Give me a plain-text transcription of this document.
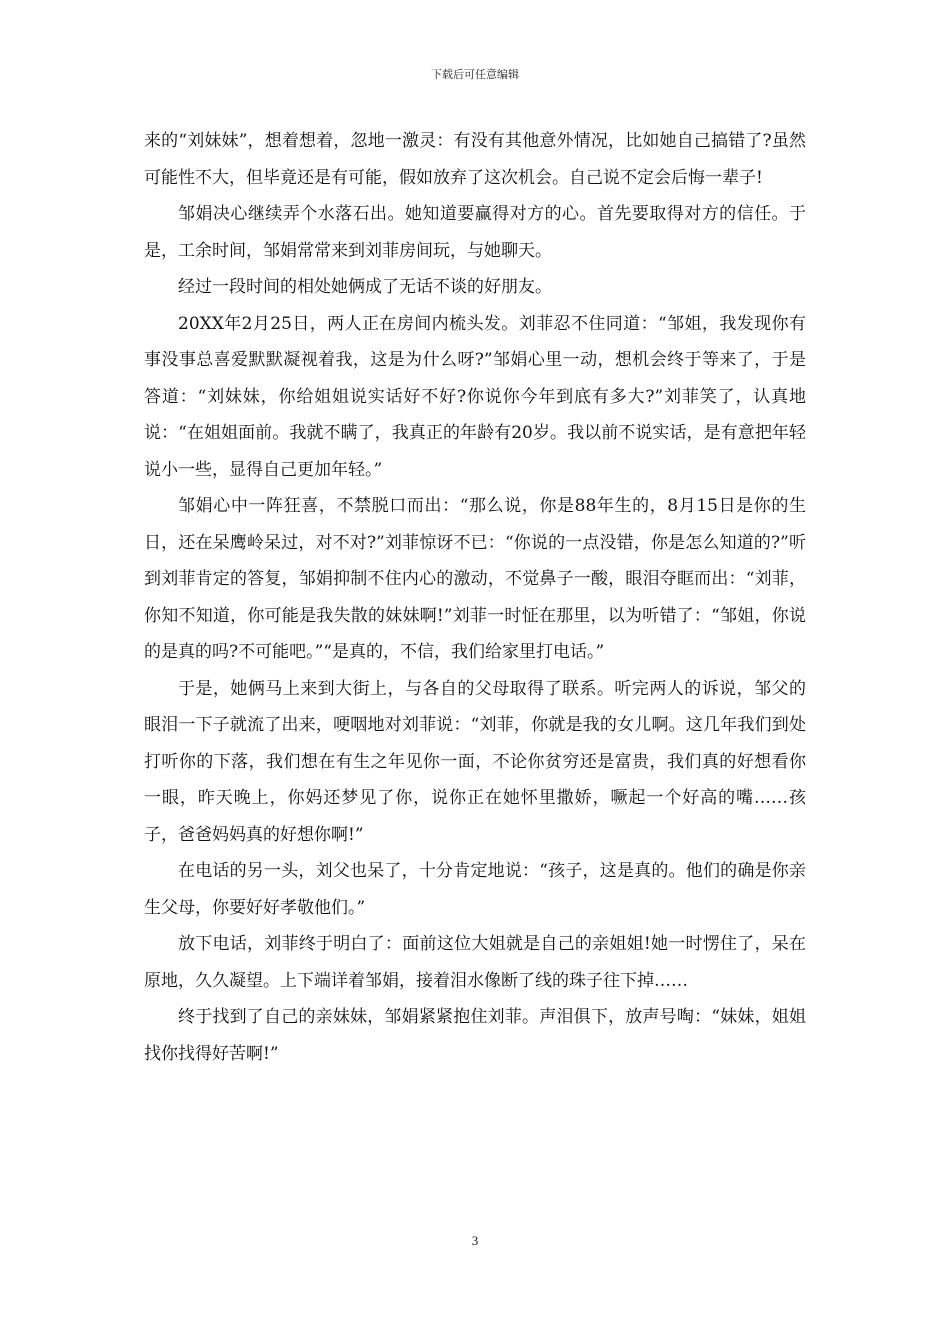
下载后可任意编辑

来的“刘妹妹”，想着想着，忽地一激灵：有没有其他意外情况，比如她自己搞错了?虽然可能性不大，但毕竟还是有可能，假如放弃了这次机会。自己说不定会后悔一辈子!

邹娟决心继续弄个水落石出。她知道要赢得对方的心。首先要取得对方的信任。于是，工余时间，邹娟常常来到刘菲房间玩，与她聊天。

经过一段时间的相处她俩成了无话不谈的好朋友。

20XX年2月25日，两人正在房间内梳头发。刘菲忍不住同道：“邹姐，我发现你有事没事总喜爱默默凝视着我，这是为什么呀?”邹娟心里一动，想机会终于等来了，于是答道：“刘妹妹，你给姐姐说实话好不好?你说你今年到底有多大?”刘菲笑了，认真地说：“在姐姐面前。我就不瞒了，我真正的年龄有20岁。我以前不说实话，是有意把年轻说小一些，显得自己更加年轻。”

邹娟心中一阵狂喜，不禁脱口而出：“那么说，你是88年生的，8月15日是你的生日，还在呆鹰岭呆过，对不对?”刘菲惊讶不已：“你说的一点没错，你是怎么知道的?”听到刘菲肯定的答复，邹娟抑制不住内心的激动，不觉鼻子一酸，眼泪夺眶而出：“刘菲，你知不知道，你可能是我失散的妹妹啊!”刘菲一时怔在那里，以为听错了：“邹姐，你说的是真的吗?不可能吧。”“是真的，不信，我们给家里打电话。”

于是，她俩马上来到大街上，与各自的父母取得了联系。听完两人的诉说，邹父的眼泪一下子就流了出来，哽咽地对刘菲说：“刘菲，你就是我的女儿啊。这几年我们到处打听你的下落，我们想在有生之年见你一面，不论你贫穷还是富贵，我们真的好想看你一眼，昨天晚上，你妈还梦见了你，说你正在她怀里撒娇，噘起一个好高的嘴……孩子，爸爸妈妈真的好想你啊!”

在电话的另一头，刘父也呆了，十分肯定地说：“孩子，这是真的。他们的确是你亲生父母，你要好好孝敬他们。”

放下电话，刘菲终于明白了：面前这位大姐就是自己的亲姐姐!她一时愣住了，呆在原地，久久凝望。上下端详着邹娟，接着泪水像断了线的珠子往下掉……

终于找到了自己的亲妹妹，邹娟紧紧抱住刘菲。声泪俱下，放声号啕：“妹妹，姐姐找你找得好苦啊!”

3
